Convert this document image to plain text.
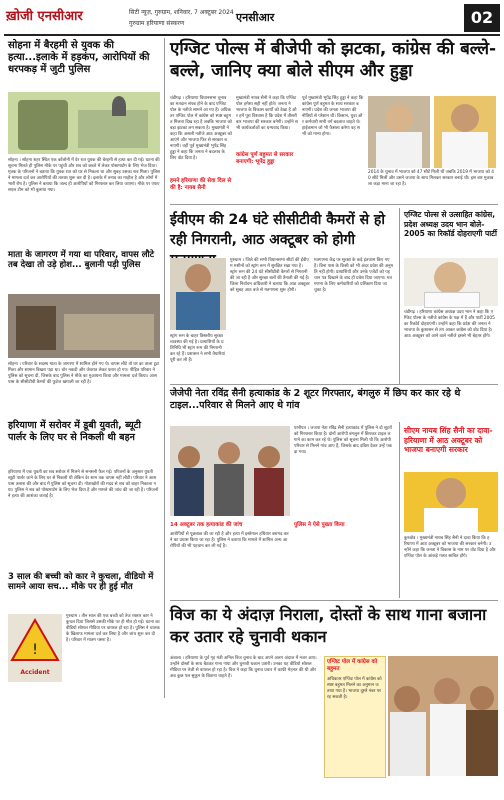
ख़ोजी एनसीआर	सिटी न्यूज़, गुरुग्राम, शनिवार, 7 अक्टूबर 2024
गुरुग्राम हरियाणा संस्करण	एनसीआर	02
सोहना में बैरहमी से युवक की हत्या...इलाके में हड़कंप, आरोपियों की धरपकड़ में जुटी पुलिस
सोहना । सोहना शहर स्थित एक कॉलोनी में देर रात युवक की बेरहमी से हत्या कर दी गई। घटना की सूचना मिलते ही पुलिस मौके पर पहुंची और शव को कब्जे में लेकर पोस्टमार्टम के लिए भेज दिया। मृतक के परिजनों ने बताया कि युवक रात को घर से निकला था और सुबह उसका शव मिला। पुलिस ने मामला दर्ज कर आरोपियों की तलाश शुरू कर दी है। इलाके में तनाव का माहौल है और लोगों में भारी रोष है। पुलिस ने बताया कि जल्द ही आरोपियों को गिरफ्तार कर लिया जाएगा। मौके पर एफएसएल टीम को भी बुलाया गया।
माता के जागरण में गया था परिवार, वापस लौटे तब देखा तो उड़े होश... बुलानी पड़ी पुलिस
सोहना । परिवार के सदस्य माता के जागरण में शामिल होने गए थे। वापस लौटे तो घर का ताला टूटा मिला और सामान बिखरा पड़ा था। चोर नकदी और जेवरात लेकर फरार हो गए। पीड़ित परिवार ने पुलिस को सूचना दी, जिसके बाद पुलिस ने मौके का मुआयना किया और मामला दर्ज किया। आसपास के सीसीटीवी कैमरों की फुटेज खंगाली जा रही है।
हरियाणा में सरोवर में डूबी युवती, ब्यूटी पार्लर के लिए घर से निकली थी बहन
हरियाणा में एक युवती का शव सरोवर में मिलने से सनसनी फैल गई। परिजनों के अनुसार युवती ब्यूटी पार्लर जाने के लिए घर से निकली थी लेकिन देर शाम तक वापस नहीं लौटी। परिवार ने आसपास तलाश की और बाद में पुलिस को सूचना दी। गोताखोरों की मदद से शव को बाहर निकाला गया। पुलिस ने शव को पोस्टमार्टम के लिए भेज दिया है और मामले की जांच की जा रही है। परिजनों ने हत्या की आशंका जताई है।
3 साल की बच्ची को कार ने कुचला, वीडियो में सामने आया सच... मौके पर ही हुई मौत
!
Accident
गुरुग्राम । तीन साल की एक बच्ची को तेज रफ्तार कार ने कुचल दिया जिससे उसकी मौके पर ही मौत हो गई। घटना का वीडियो सोशल मीडिया पर वायरल हो रहा है। पुलिस ने चालक के खिलाफ मामला दर्ज कर लिया है और जांच शुरू कर दी है। परिवार में मातम पसरा है।
एग्जिट पोल्स में बीजेपी को झटका, कांग्रेस की बल्ले-बल्ले, जानिए क्या बोले सीएम और हुड्डा
चंडीगढ़ । हरियाणा विधानसभा चुनाव का मतदान संपन्न होने के बाद एग्जिट पोल के नतीजे सामने आ गए हैं। अधिकतर एग्जिट पोल में कांग्रेस को स्पष्ट बहुमत मिलता दिख रहा है जबकि भाजपा को बड़ा झटका लग सकता है। मुख्यमंत्री ने कहा कि असली नतीजे आठ अक्टूबर को आएंगे और भाजपा फिर से सरकार बनाएगी। वहीं पूर्व मुख्यमंत्री भूपेंद्र सिंह हुड्डा ने कहा कि जनता ने बदलाव के लिए वोट दिया है।
हमने हरियाणा की सेवा दिल से की है: नायब सैनी
मुख्यमंत्री नायब सैनी ने कहा कि एग्जिट पोल हमेशा सही नहीं होते। जनता ने भाजपा के विकास कार्यों को देखा है और हमें पूरा विश्वास है कि प्रदेश में तीसरी बार भाजपा की सरकार बनेगी। उन्होंने सभी कार्यकर्ताओं का धन्यवाद किया।
कांग्रेस पूर्ण बहुमत से सरकार बनाएगी: भूपेंद्र हुड्डा
पूर्व मुख्यमंत्री भूपेंद्र सिंह हुड्डा ने कहा कि कांग्रेस पूर्ण बहुमत के साथ सरकार बनाएगी। प्रदेश की जनता भाजपा की नीतियों से परेशान थी। किसान, युवा और कर्मचारी सभी वर्ग बदलाव चाहते थे। हाईकमान जो भी फैसला करेगा वह सभी को मान्य होगा।
2014 के चुनाव में भाजपा को 47 सीटें मिली थीं जबकि 2019 में भाजपा को 40 सीटें मिलीं और उसने जजपा के साथ मिलकर सरकार बनाई थी। इस बार मुकाबला कड़ा माना जा रहा है।
ईवीएम की 24 घंटे सीसीटीवी कैमरों से हो रही निगरानी, आठ अक्टूबर को होगी
गुरुग्राम । जिले की सभी विधानसभा सीटों की ईवीएम मशीनों को स्ट्रांग रूम में सुरक्षित रखा गया है। स्ट्रांग रूम की 24 घंटे सीसीटीवी कैमरों से निगरानी की जा रही है और सुरक्षा बलों की तैनाती की गई है। जिला निर्वाचन अधिकारी ने बताया कि आठ अक्टूबर को सुबह आठ बजे से मतगणना शुरू होगी।
मतगणना केंद्र पर सुरक्षा के कड़े इंतजाम किए गए हैं। बिना पास के किसी को भी अंदर प्रवेश की अनुमति नहीं होगी। प्रत्याशियों और उनके एजेंटों को पहचान पत्र दिखाने के बाद ही प्रवेश दिया जाएगा। मतगणना के लिए कर्मचारियों को प्रशिक्षण दिया जा चुका है।
स्ट्रांग रूम के बाहर त्रिस्तरीय सुरक्षा व्यवस्था की गई है। प्रत्याशियों के प्रतिनिधि भी स्ट्रांग रूम की निगरानी कर रहे हैं। प्रशासन ने सभी तैयारियां पूरी कर ली हैं।
एग्जिट पोल्स से उत्साहित कांग्रेस, प्रदेश अध्यक्ष उदय भान बोले- 2005 का रिकॉर्ड दोहराएगी पार्टी
चंडीगढ़ । हरियाणा कांग्रेस अध्यक्ष उदय भान ने कहा कि एग्जिट पोल्स के नतीजे कांग्रेस के पक्ष में हैं और पार्टी 2005 का रिकॉर्ड दोहराएगी। उन्होंने कहा कि प्रदेश की जनता ने भाजपा के कुशासन से तंग आकर कांग्रेस को वोट दिया है। आठ अक्टूबर को आने वाले नतीजे इससे भी बेहतर होंगे।
जेजेपी नेता रविंद्र सैनी हत्याकांड के 2 शूटर गिरफ्तार, बंगलुरु में छिप कर कार रहे थे टाइल...परिवार से मिलने आए थे गांव
पानीपत । जजपा नेता रविंद्र सैनी हत्याकांड में पुलिस ने दो शूटरों को गिरफ्तार किया है। दोनों आरोपी बंगलुरु में छिपकर टाइल लगाने का काम कर रहे थे। पुलिस को सूचना मिली थी कि आरोपी परिवार से मिलने गांव आए हैं, जिसके बाद दबिश देकर उन्हें पकड़ा गया।
14 अक्टूबर तक हत्याकांड की जांच
आरोपियों से पूछताछ की जा रही है और हत्या में इस्तेमाल हथियार बरामद करने का प्रयास किया जा रहा है। पुलिस ने बताया कि मामले में शामिल अन्य आरोपियों की भी पहचान कर ली गई है।
पुलिस ने ऐसे पुख्ता किया
सीएम नायब सिंह सैनी का दावा-हरियाणा में आठ अक्टूबर को भाजपा बनाएगी सरकार
कुरुक्षेत्र । मुख्यमंत्री नायब सिंह सैनी ने दावा किया कि हरियाणा में आठ अक्टूबर को भाजपा की सरकार बनेगी। उन्होंने कहा कि जनता ने विकास के नाम पर वोट दिया है और एग्जिट पोल के आंकड़े गलत साबित होंगे।
विज का ये अंदाज़ निराला, दोस्तों के साथ गाना बजाना कर उतार रहे चुनावी थकान
अंबाला । हरियाणा के पूर्व गृह मंत्री अनिल विज चुनाव के बाद अपने अलग अंदाज में नजर आए। उन्होंने दोस्तों के साथ बैठकर गाना गाया और चुनावी थकान उतारी। उनका यह वीडियो सोशल मीडिया पर तेजी से वायरल हो रहा है। विज ने कहा कि चुनाव प्रचार में काफी मेहनत की थी और अब कुछ पल सुकून के बिताना चाहते हैं।
एग्जिट पोल में कांग्रेस को बहुमत
अधिकतर एग्जिट पोल में कांग्रेस को स्पष्ट बहुमत मिलने का अनुमान जताया गया है। भाजपा दूसरे नंबर पर रह सकती है।
